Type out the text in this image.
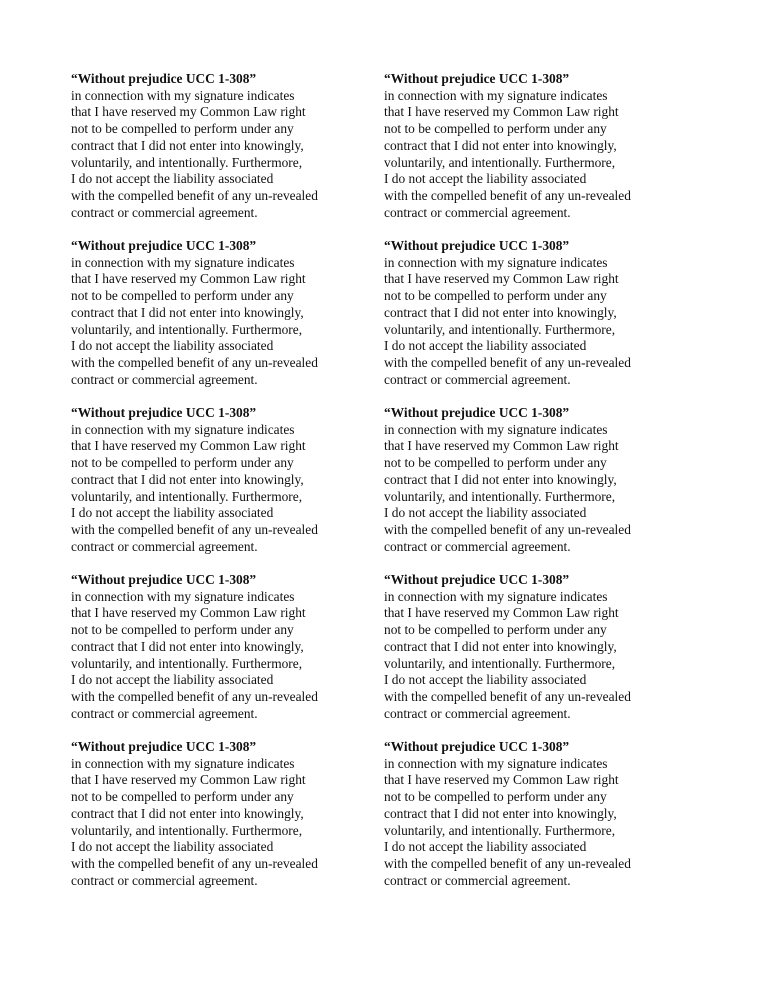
“Without prejudice UCC 1-308”
in connection with my signature indicates
that I have reserved my Common Law right
not to be compelled to perform under any
contract that I did not enter into knowingly,
voluntarily, and intentionally. Furthermore,
I do not accept the liability associated
with the compelled benefit of any un-revealed
contract or commercial agreement.
“Without prejudice UCC 1-308”
in connection with my signature indicates
that I have reserved my Common Law right
not to be compelled to perform under any
contract that I did not enter into knowingly,
voluntarily, and intentionally. Furthermore,
I do not accept the liability associated
with the compelled benefit of any un-revealed
contract or commercial agreement.
“Without prejudice UCC 1-308”
in connection with my signature indicates
that I have reserved my Common Law right
not to be compelled to perform under any
contract that I did not enter into knowingly,
voluntarily, and intentionally. Furthermore,
I do not accept the liability associated
with the compelled benefit of any un-revealed
contract or commercial agreement.
“Without prejudice UCC 1-308”
in connection with my signature indicates
that I have reserved my Common Law right
not to be compelled to perform under any
contract that I did not enter into knowingly,
voluntarily, and intentionally. Furthermore,
I do not accept the liability associated
with the compelled benefit of any un-revealed
contract or commercial agreement.
“Without prejudice UCC 1-308”
in connection with my signature indicates
that I have reserved my Common Law right
not to be compelled to perform under any
contract that I did not enter into knowingly,
voluntarily, and intentionally. Furthermore,
I do not accept the liability associated
with the compelled benefit of any un-revealed
contract or commercial agreement.
“Without prejudice UCC 1-308”
in connection with my signature indicates
that I have reserved my Common Law right
not to be compelled to perform under any
contract that I did not enter into knowingly,
voluntarily, and intentionally. Furthermore,
I do not accept the liability associated
with the compelled benefit of any un-revealed
contract or commercial agreement.
“Without prejudice UCC 1-308”
in connection with my signature indicates
that I have reserved my Common Law right
not to be compelled to perform under any
contract that I did not enter into knowingly,
voluntarily, and intentionally. Furthermore,
I do not accept the liability associated
with the compelled benefit of any un-revealed
contract or commercial agreement.
“Without prejudice UCC 1-308”
in connection with my signature indicates
that I have reserved my Common Law right
not to be compelled to perform under any
contract that I did not enter into knowingly,
voluntarily, and intentionally. Furthermore,
I do not accept the liability associated
with the compelled benefit of any un-revealed
contract or commercial agreement.
“Without prejudice UCC 1-308”
in connection with my signature indicates
that I have reserved my Common Law right
not to be compelled to perform under any
contract that I did not enter into knowingly,
voluntarily, and intentionally. Furthermore,
I do not accept the liability associated
with the compelled benefit of any un-revealed
contract or commercial agreement.
“Without prejudice UCC 1-308”
in connection with my signature indicates
that I have reserved my Common Law right
not to be compelled to perform under any
contract that I did not enter into knowingly,
voluntarily, and intentionally. Furthermore,
I do not accept the liability associated
with the compelled benefit of any un-revealed
contract or commercial agreement.
